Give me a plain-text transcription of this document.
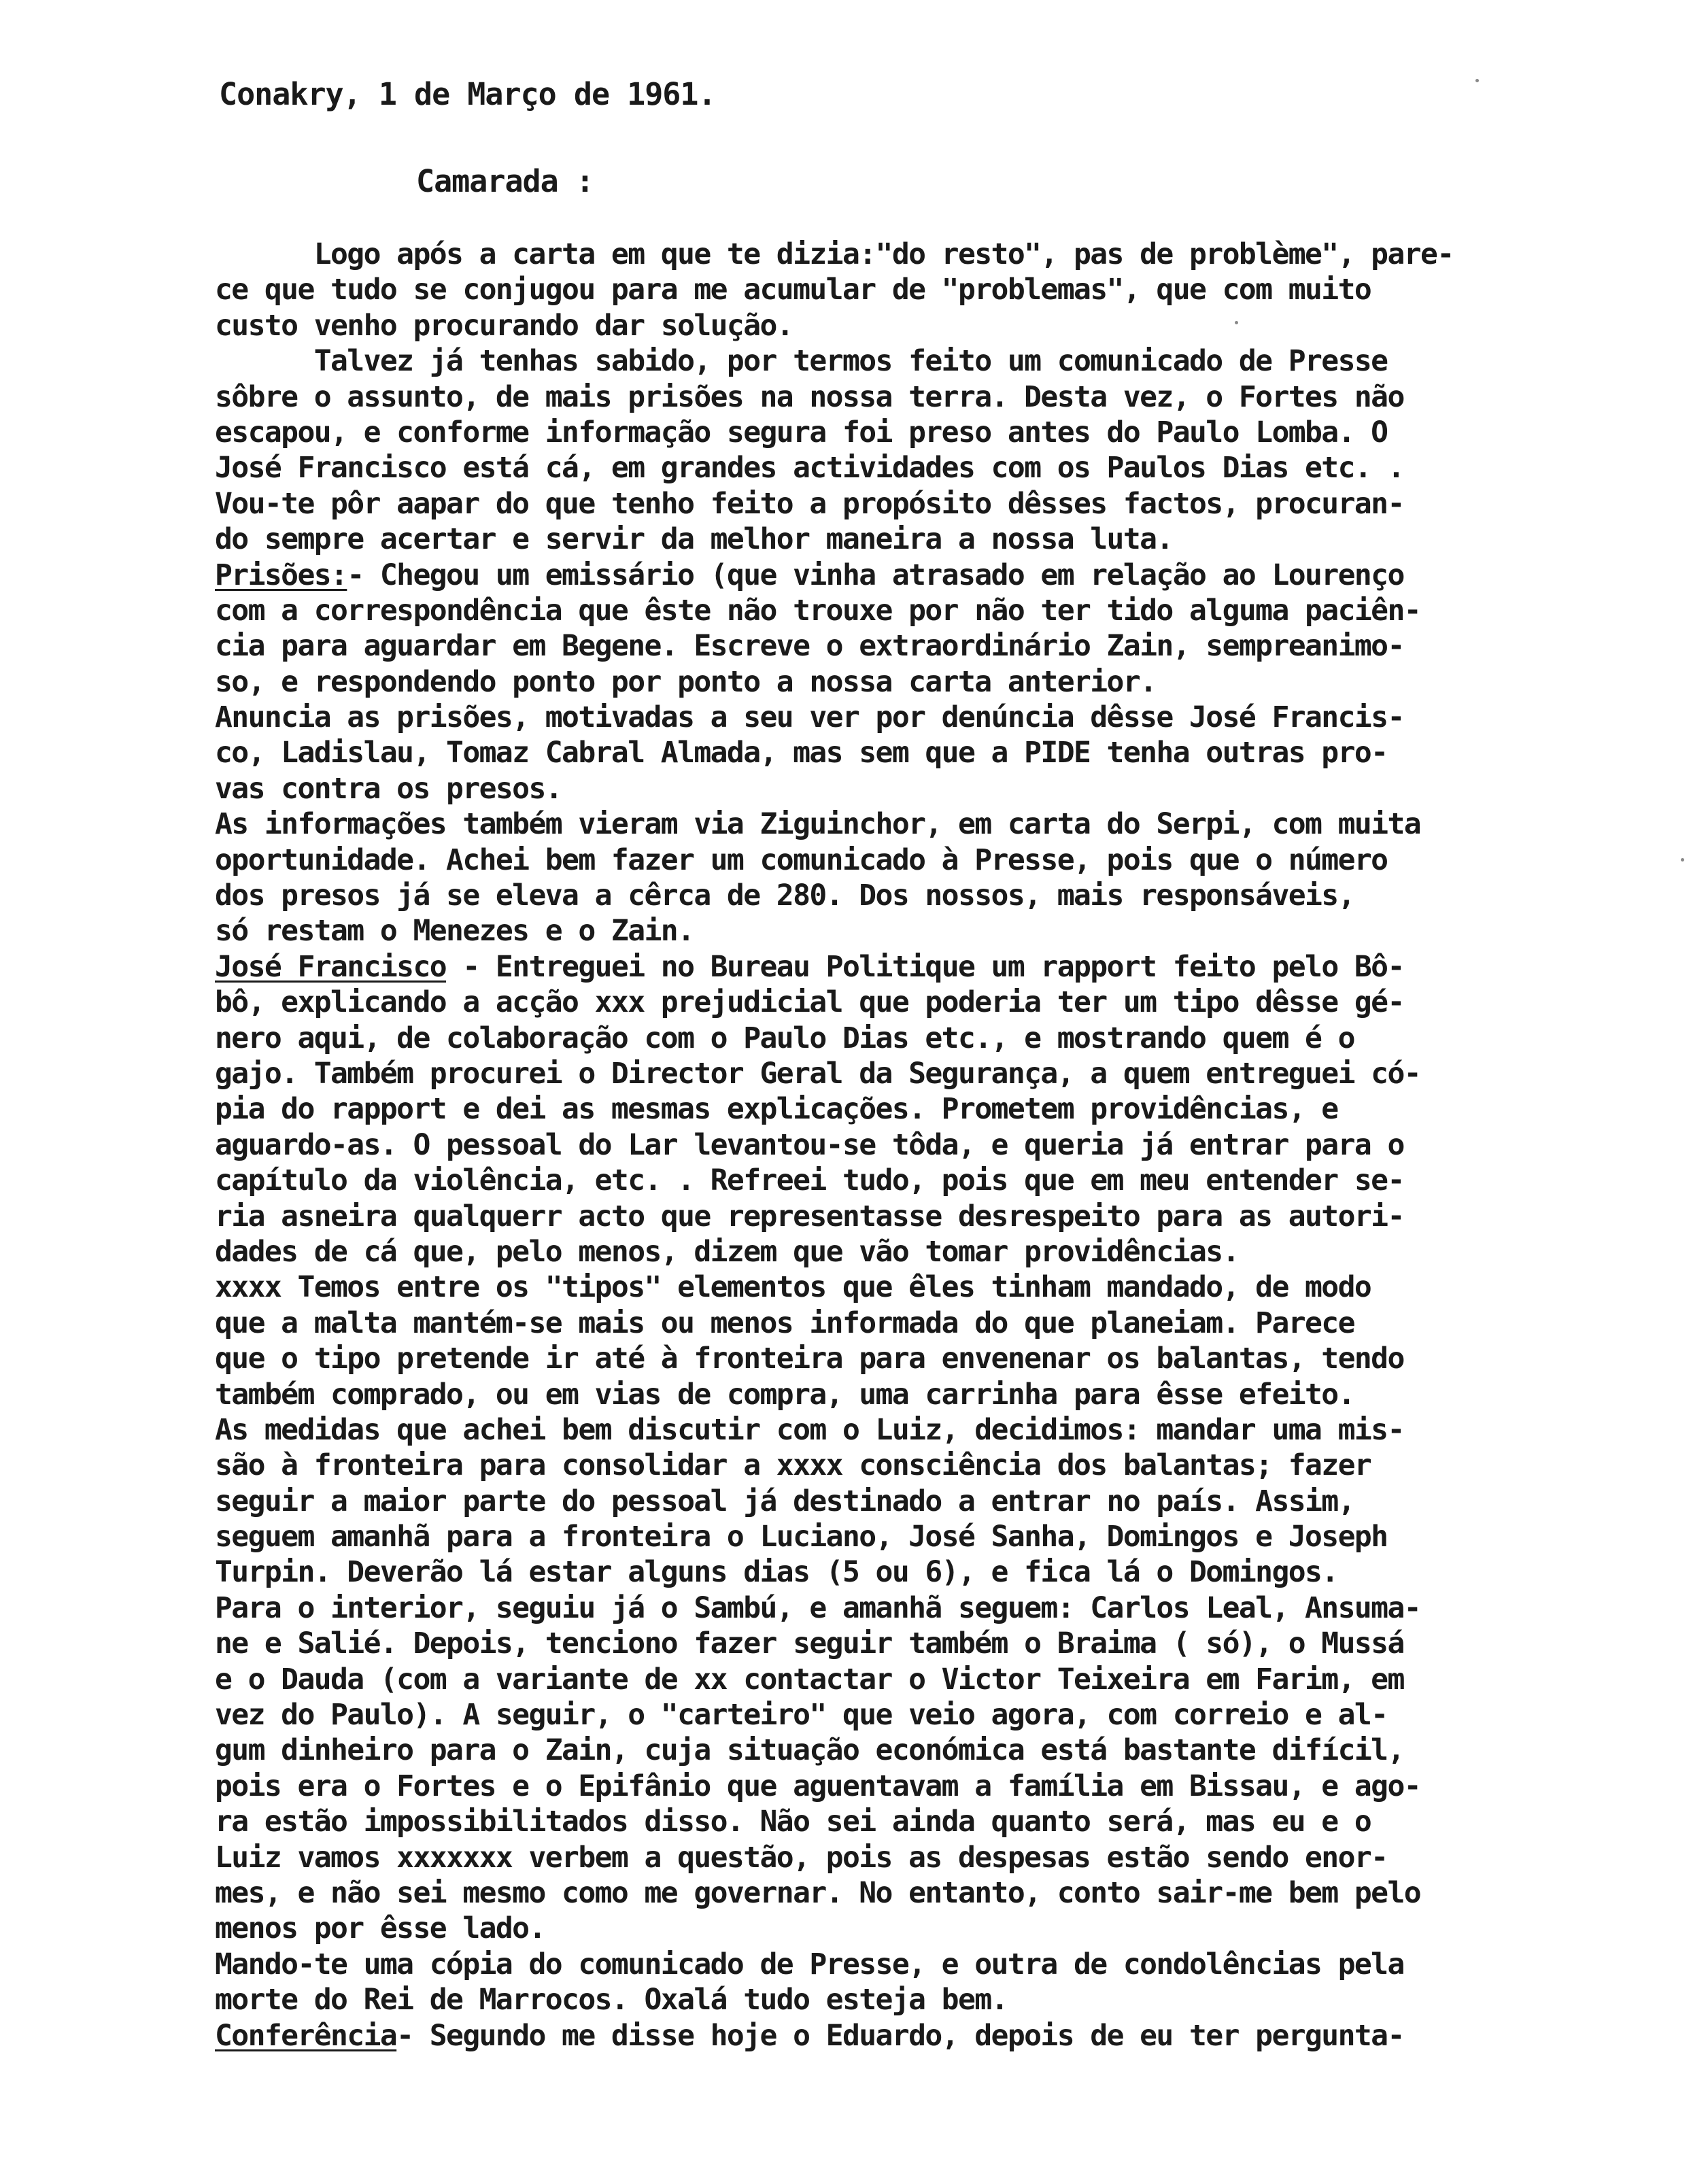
Conakry, 1 de Março de 1961.
Camarada :
Logo após a carta em que te dizia:"do resto", pas de problème", pare-
ce que tudo se conjugou para me acumular de "problemas", que com muito
custo venho procurando dar solução.
Talvez já tenhas sabido, por termos feito um comunicado de Presse
sôbre o assunto, de mais prisões na nossa terra. Desta vez, o Fortes não
escapou, e conforme informação segura foi preso antes do Paulo Lomba. O
José Francisco está cá, em grandes actividades com os Paulos Dias etc. .
Vou-te pôr aapar do que tenho feito a propósito dêsses factos, procuran-
do sempre acertar e servir da melhor maneira a nossa luta.
Prisões:- Chegou um emissário (que vinha atrasado em relação ao Lourenço
com a correspondência que êste não trouxe por não ter tido alguma paciên-
cia para aguardar em Begene. Escreve o extraordinário Zain, sempreanimo-
so, e respondendo ponto por ponto a nossa carta anterior.
Anuncia as prisões, motivadas a seu ver por denúncia dêsse José Francis-
co, Ladislau, Tomaz Cabral Almada, mas sem que a PIDE tenha outras pro-
vas contra os presos.
As informações também vieram via Ziguinchor, em carta do Serpi, com muita
oportunidade. Achei bem fazer um comunicado à Presse, pois que o número
dos presos já se eleva a cêrca de 280. Dos nossos, mais responsáveis,
só restam o Menezes e o Zain.
José Francisco - Entreguei no Bureau Politique um rapport feito pelo Bô-
bô, explicando a acção xxx prejudicial que poderia ter um tipo dêsse gé-
nero aqui, de colaboração com o Paulo Dias etc., e mostrando quem é o
gajo. Também procurei o Director Geral da Segurança, a quem entreguei có-
pia do rapport e dei as mesmas explicações. Prometem providências, e
aguardo-as. O pessoal do Lar levantou-se tôda, e queria já entrar para o
capítulo da violência, etc. . Refreei tudo, pois que em meu entender se-
ria asneira qualquerr acto que representasse desrespeito para as autori-
dades de cá que, pelo menos, dizem que vão tomar providências.
xxxx Temos entre os "tipos" elementos que êles tinham mandado, de modo
que a malta mantém-se mais ou menos informada do que planeiam. Parece
que o tipo pretende ir até à fronteira para envenenar os balantas, tendo
também comprado, ou em vias de compra, uma carrinha para êsse efeito.
As medidas que achei bem discutir com o Luiz, decidimos: mandar uma mis-
são à fronteira para consolidar a xxxx consciência dos balantas; fazer
seguir a maior parte do pessoal já destinado a entrar no país. Assim,
seguem amanhã para a fronteira o Luciano, José Sanha, Domingos e Joseph
Turpin. Deverão lá estar alguns dias (5 ou 6), e fica lá o Domingos.
Para o interior, seguiu já o Sambú, e amanhã seguem: Carlos Leal, Ansuma-
ne e Salié. Depois, tenciono fazer seguir também o Braima ( só), o Mussá
e o Dauda (com a variante de xx contactar o Victor Teixeira em Farim, em
vez do Paulo). A seguir, o "carteiro" que veio agora, com correio e al-
gum dinheiro para o Zain, cuja situação económica está bastante difícil,
pois era o Fortes e o Epifânio que aguentavam a família em Bissau, e ago-
ra estão impossibilitados disso. Não sei ainda quanto será, mas eu e o
Luiz vamos xxxxxxx verbem a questão, pois as despesas estão sendo enor-
mes, e não sei mesmo como me governar. No entanto, conto sair-me bem pelo
menos por êsse lado.
Mando-te uma cópia do comunicado de Presse, e outra de condolências pela
morte do Rei de Marrocos. Oxalá tudo esteja bem.
Conferência- Segundo me disse hoje o Eduardo, depois de eu ter pergunta-
